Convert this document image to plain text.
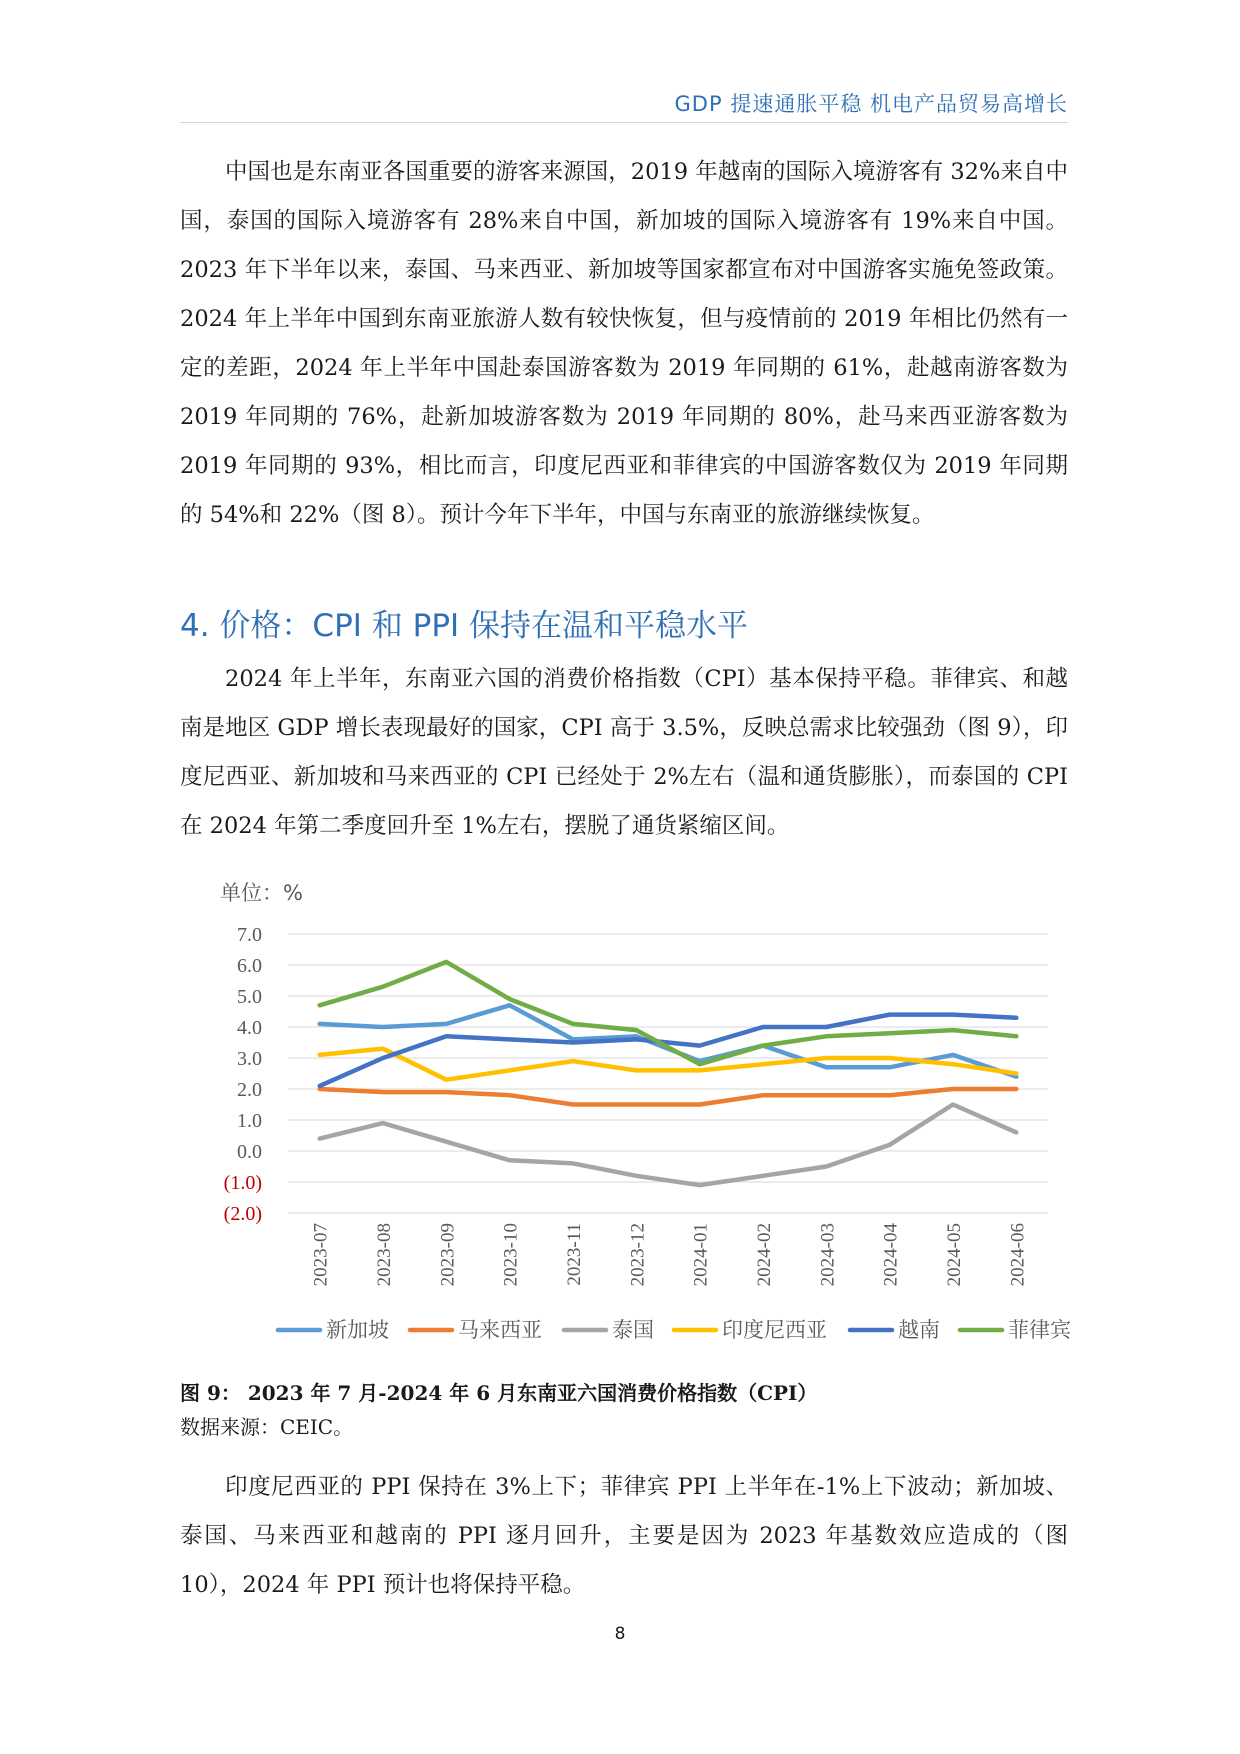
GDP 提速通胀平稳 机电产品贸易高增长

中国也是东南亚各国重要的游客来源国，2019 年越南的国际入境游客有 32%来自中国，泰国的国际入境游客有 28%来自中国，新加坡的国际入境游客有 19%来自中国。2023 年下半年以来，泰国、马来西亚、新加坡等国家都宣布对中国游客实施免签政策。2024 年上半年中国到东南亚旅游人数有较快恢复，但与疫情前的 2019 年相比仍然有一定的差距，2024 年上半年中国赴泰国游客数为 2019 年同期的 61%，赴越南游客数为 2019 年同期的 76%，赴新加坡游客数为 2019 年同期的 80%，赴马来西亚游客数为 2019 年同期的 93%，相比而言，印度尼西亚和菲律宾的中国游客数仅为 2019 年同期的 54%和 22%（图 8）。预计今年下半年，中国与东南亚的旅游继续恢复。

4. 价格：CPI 和 PPI 保持在温和平稳水平

2024 年上半年，东南亚六国的消费价格指数（CPI）基本保持平稳。菲律宾、和越南是地区 GDP 增长表现最好的国家，CPI 高于 3.5%，反映总需求比较强劲（图 9），印度尼西亚、新加坡和马来西亚的 CPI 已经处于 2%左右（温和通货膨胀），而泰国的 CPI 在 2024 年第二季度回升至 1%左右，摆脱了通货紧缩区间。

单位：%
7.0
6.0
5.0
4.0
3.0
2.0
1.0
0.0
(1.0)
(2.0)
2023-07 2023-08 2023-09 2023-10 2023-11 2023-12 2024-01 2024-02 2024-03 2024-04 2024-05 2024-06
新加坡	马来西亚	泰国	印度尼西亚	越南	菲律宾
图 9： 2023 年 7 月-2024 年 6 月东南亚六国消费价格指数（CPI）
数据来源：CEIC。

印度尼西亚的 PPI 保持在 3%上下；菲律宾 PPI 上半年在-1%上下波动；新加坡、泰国、马来西亚和越南的 PPI 逐月回升，主要是因为 2023 年基数效应造成的（图 10），2024 年 PPI 预计也将保持平稳。

8
